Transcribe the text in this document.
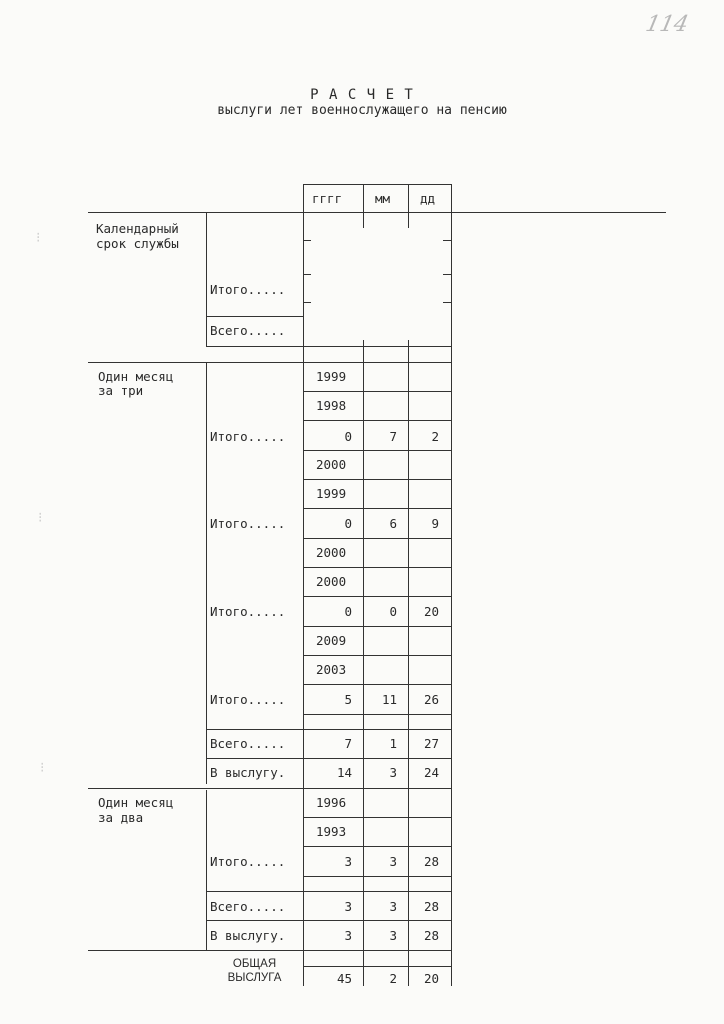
114
⁝
⁝
⁝
Р А С Ч Е Т
выслуги лет военнослужащего на пенсию
гггг	мм дд
Календарный
срок службы
Итого.....
Всего.....
Один месяц
за три
1999
1998
Итого.....	0	7	2
2000
1999
Итого.....	0	6	9
2000
2000
Итого.....	0	0	20
2009
2003
Итого.....	5	11	26
Всего.....	7	1	27
В выслугу.	14	3	24
Один месяц
за два
1996
1993
Итого.....	3	3	28
Всего.....	3	3	28
В выслугу.	3	3	28
ОБЩАЯ
ВЫСЛУГА	45	2	20
